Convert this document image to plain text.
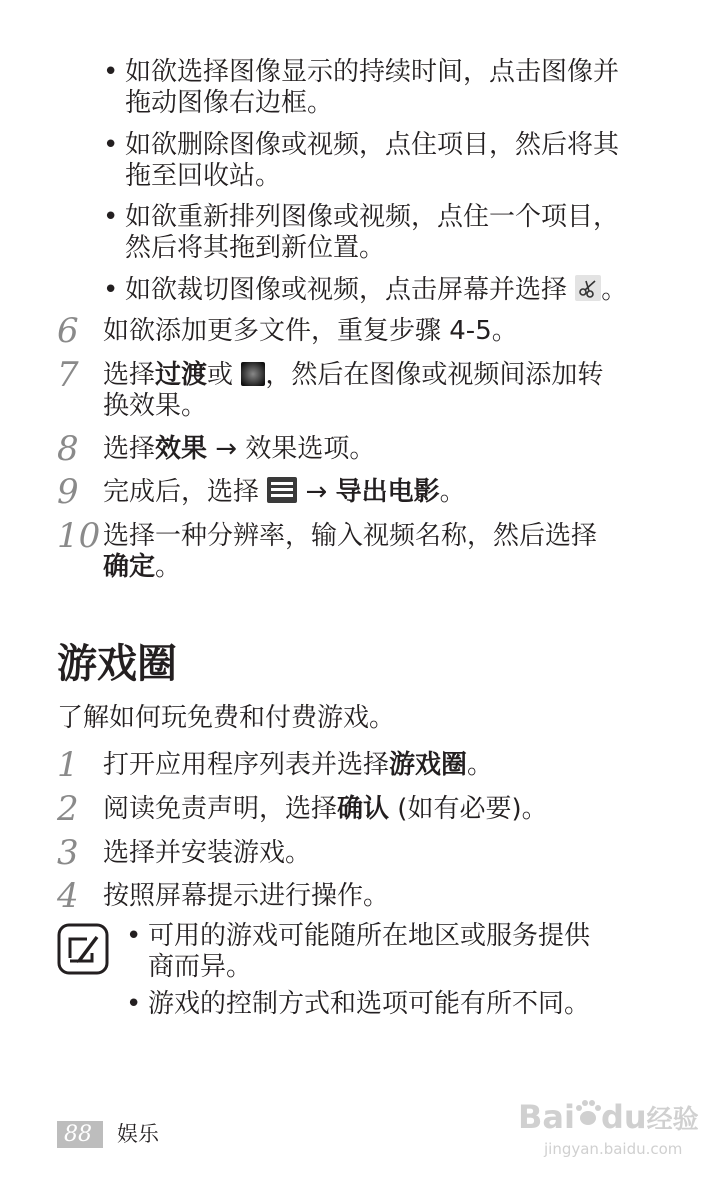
• 如欲选择图像显示的持续时间，点击图像并
拖动图像右边框。
• 如欲删除图像或视频，点住项目，然后将其
拖至回收站。
• 如欲重新排列图像或视频，点住一个项目，
然后将其拖到新位置。
• 如欲裁切图像或视频，点击屏幕并选择 。
6 如欲添加更多文件，重复步骤 4-5。
7 选择过渡或 ，然后在图像或视频间添加转
换效果。
8 选择效果 → 效果选项。
9 完成后，选择  → 导出电影。
10 选择一种分辨率，输入视频名称，然后选择
确定。
游戏圈
了解如何玩免费和付费游戏。
1 打开应用程序列表并选择游戏圈。
2 阅读免责声明，选择确认 (如有必要)。
3 选择并安装游戏。
4 按照屏幕提示进行操作。
• 可用的游戏可能随所在地区或服务提供
商而异。
• 游戏的控制方式和选项可能有所不同。
88 娱乐	Bai du经验
jingyan.baidu.com
